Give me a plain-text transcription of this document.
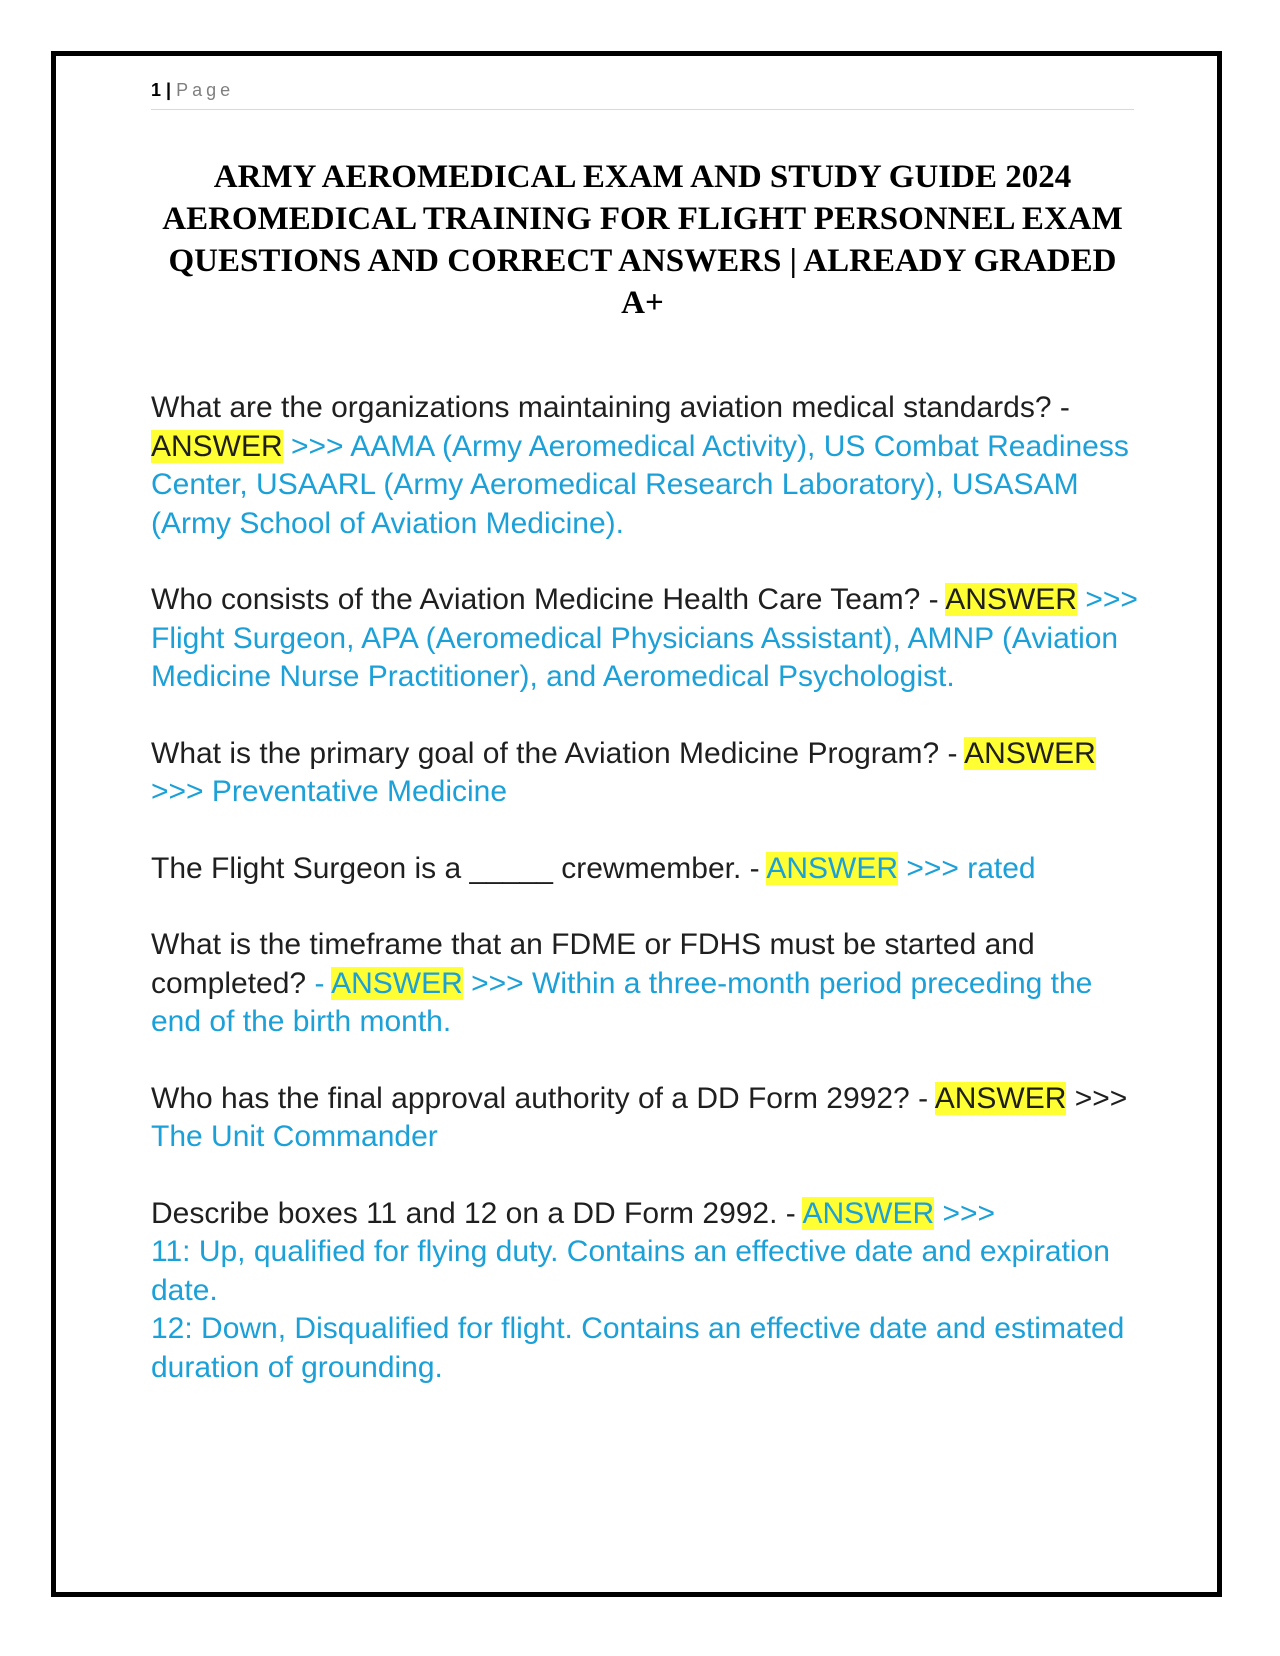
1 | Page
ARMY AEROMEDICAL EXAM AND STUDY GUIDE 2024 AEROMEDICAL TRAINING FOR FLIGHT PERSONNEL EXAM QUESTIONS AND CORRECT ANSWERS | ALREADY GRADED A+
What are the organizations maintaining aviation medical standards? - ANSWER >>> AAMA (Army Aeromedical Activity), US Combat Readiness Center, USAARL (Army Aeromedical Research Laboratory), USASAM (Army School of Aviation Medicine).
Who consists of the Aviation Medicine Health Care Team? - ANSWER >>> Flight Surgeon, APA (Aeromedical Physicians Assistant), AMNP (Aviation Medicine Nurse Practitioner), and Aeromedical Psychologist.
What is the primary goal of the Aviation Medicine Program? - ANSWER >>> Preventative Medicine
The Flight Surgeon is a _____ crewmember. - ANSWER >>> rated
What is the timeframe that an FDME or FDHS must be started and completed? - ANSWER >>> Within a three-month period preceding the end of the birth month.
Who has the final approval authority of a DD Form 2992? - ANSWER >>> The Unit Commander
Describe boxes 11 and 12 on a DD Form 2992. - ANSWER >>>
11: Up, qualified for flying duty. Contains an effective date and expiration date.
12: Down, Disqualified for flight. Contains an effective date and estimated duration of grounding.
